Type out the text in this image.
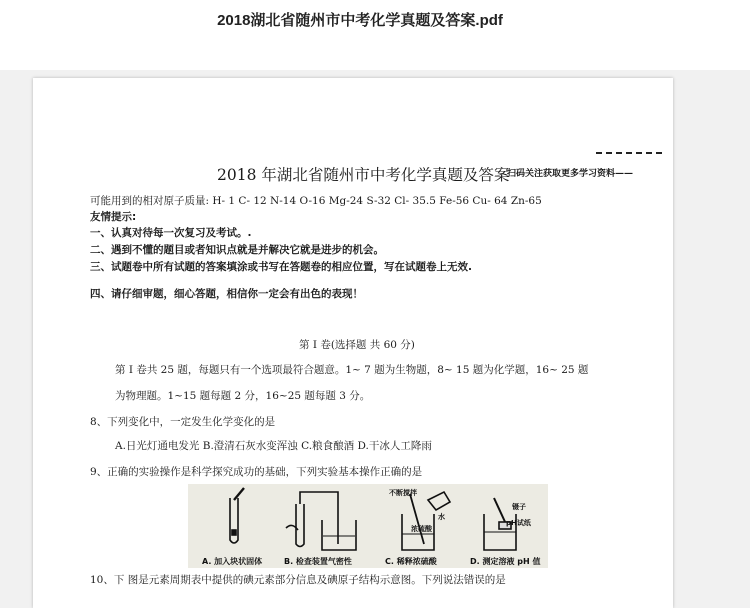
2018湖北省随州市中考化学真题及答案.pdf
2018 年湖北省随州市中考化学真题及答案
扫码关注获取更多学习资料——
可能用到的相对原子质量: H- 1 C- 12 N-14 O-16 Mg-24 S-32 Cl- 35.5 Fe-56 Cu- 64 Zn-65
友情提示:
一、认真对待每一次复习及考试。.
二、遇到不懂的题目或者知识点就是并解决它就是进步的机会。
三、试题卷中所有试题的答案填涂或书写在答题卷的相应位置，写在试题卷上无效.
四、请仔细审题，细心答题，相信你一定会有出色的表现！
第 I 卷(选择题 共 60 分)
第 I 卷共 25 题，每题只有一个选项最符合题意。1~ 7 题为生物题，8~ 15 题为化学题，16~ 25 题
为物理题。1~15 题每题 2 分，16~25 题每题 3 分。
8、下列变化中，一定发生化学变化的是
A.日光灯通电发光 B.澄清石灰水变浑浊 C.粮食酿酒 D.干冰人工降雨
9、正确的实验操作是科学探究成功的基础，下列实验基本操作正确的是
不断搅拌
水
浓硫酸
镊子
pH试纸
A. 加入块状固体	B. 检查装置气密性	C. 稀释浓硫酸	D. 测定溶液 pH 值
10、下 图是元素周期表中提供的碘元素部分信息及碘原子结构示意图。下列说法错误的是
